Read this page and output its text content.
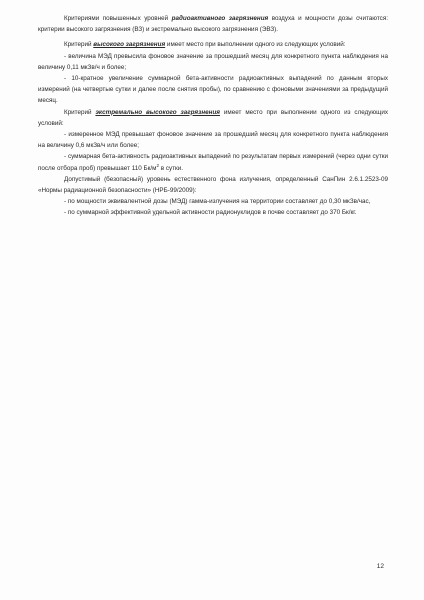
Критериями повышенных уровней радиоактивного загрязнения воздуха и мощности дозы считаются: критерии высокого загрязнения (ВЗ) и экстремально высокого загрязнения (ЭВЗ).

Критерий высокого загрязнения имеет место при выполнении одного из следующих условий:

- величина МЭД превысила фоновое значение за прошедший месяц для конкретного пункта наблюдения на величину 0,11 мкЗв/ч и более;

- 10-кратное увеличение суммарной бета-активности радиоактивных выпадений по данным вторых измерений (на четвертые сутки и далее после снятия пробы), по сравнению с фоновыми значениями за предыдущий месяц.

Критерий экстремально высокого загрязнения имеет место при выполнении одного из следующих условий:

- измеренное МЭД превышает фоновое значение за прошедший месяц для конкретного пункта наблюдения на величину 0,6 мкЗв/ч или более;

- суммарная бета-активность радиоактивных выпадений по результатам первых измерений (через одни сутки после отбора проб) превышает 110 $Бк/м^2$ в сутки.

Допустимый (безопасный) уровень естественного фона излучения, определенный СанПин 2.6.1.2523-09 «Нормы радиационной безопасности» (НРБ-99/2009):

- по мощности эквивалентной дозы (МЭД) гамма-излучения на территории составляет до 0,30 мкЗв/час,

- по суммарной эффективной удельной активности радионуклидов в почве составляет до 370 Бк/кг.

12
